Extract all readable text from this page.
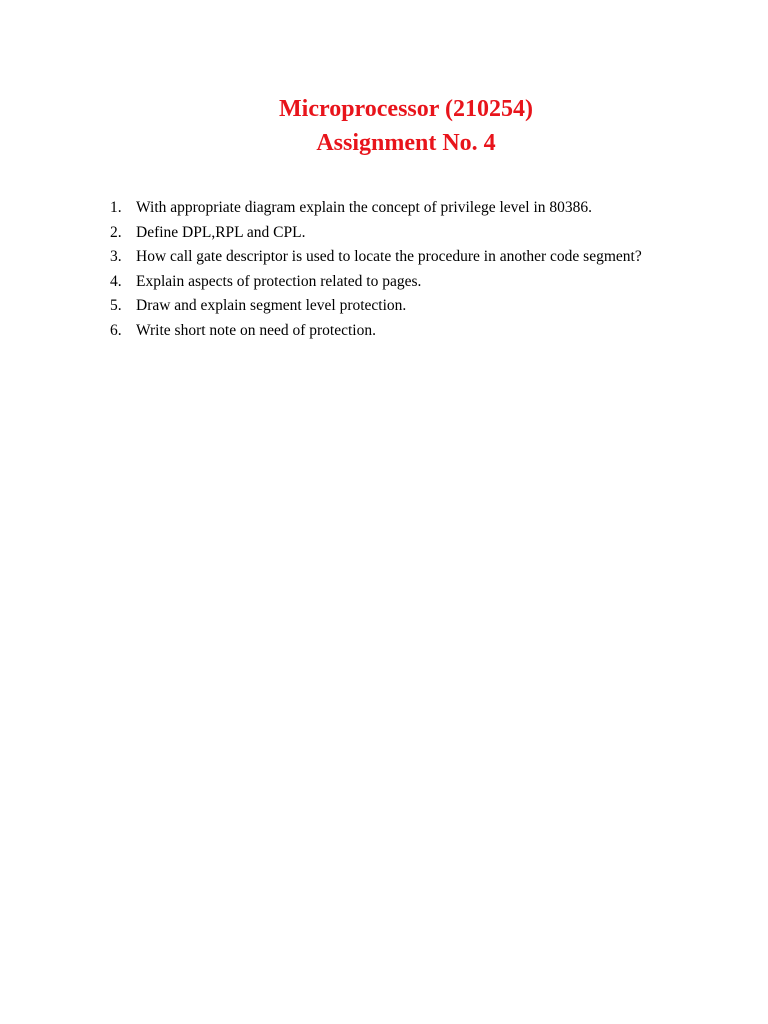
Microprocessor (210254)

Assignment No. 4

1. With appropriate diagram explain the concept of privilege level in 80386.
2. Define DPL,RPL and CPL.
3. How call gate descriptor is used to locate the procedure in another code segment?
4. Explain aspects of protection related to pages.
5. Draw and explain segment level protection.
6. Write short note on need of protection.
